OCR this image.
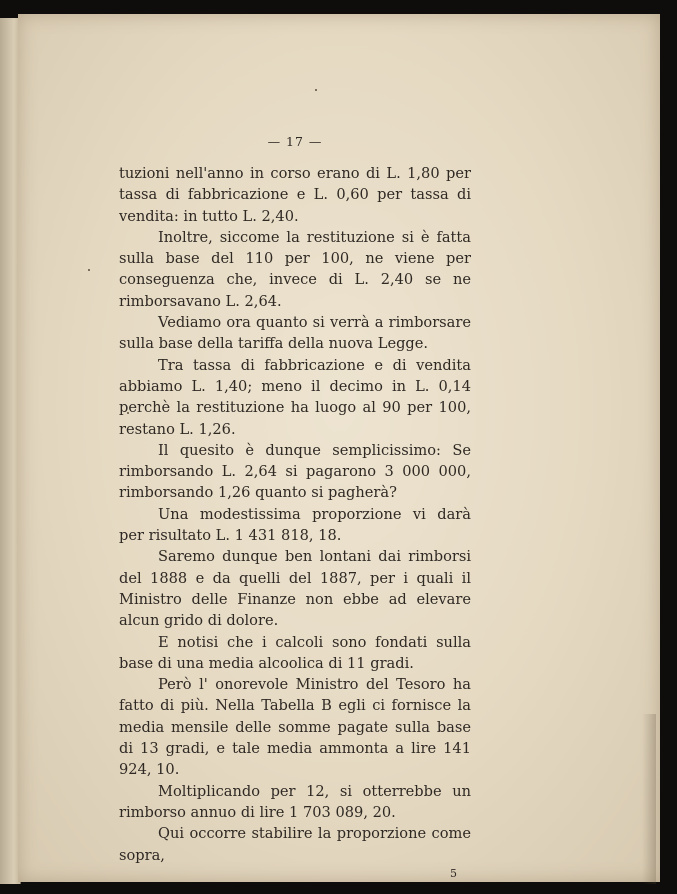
— 17 —

tuzioni nell'anno in corso erano di L. 1,80 per tassa di fabbricazione e L. 0,60 per tassa di vendita: in tutto L. 2,40.

Inoltre, siccome la restituzione si è fatta sulla base del 110 per 100, ne viene per conseguenza che, invece di L. 2,40 se ne rimborsavano L. 2,64.

Vediamo ora quanto si verrà a rimborsare sulla base della tariffa della nuova Legge.

Tra tassa di fabbricazione e di vendita abbiamo L. 1,40; meno il decimo in L. 0,14 perchè la restituzione ha luogo al 90 per 100, restano L. 1,26.

Il quesito è dunque semplicissimo: Se rimborsando L. 2,64 si pagarono 3 000 000, rimborsando 1,26 quanto si pagherà?

Una modestissima proporzione vi darà per risultato L. 1 431 818, 18.

Saremo dunque ben lontani dai rimborsi del 1888 e da quelli del 1887, per i quali il Ministro delle Finanze non ebbe ad elevare alcun grido di dolore.

E notisi che i calcoli sono fondati sulla base di una media alcoolica di 11 gradi.

Però l' onorevole Ministro del Tesoro ha fatto di più. Nella Tabella B egli ci fornisce la media mensile delle somme pagate sulla base di 13 gradi, e tale media ammonta a lire 141 924, 10.

Moltiplicando per 12, si otterrebbe un rimborso annuo di lire 1 703 089, 20.

Qui occorre stabilire la proporzione come sopra,

5
